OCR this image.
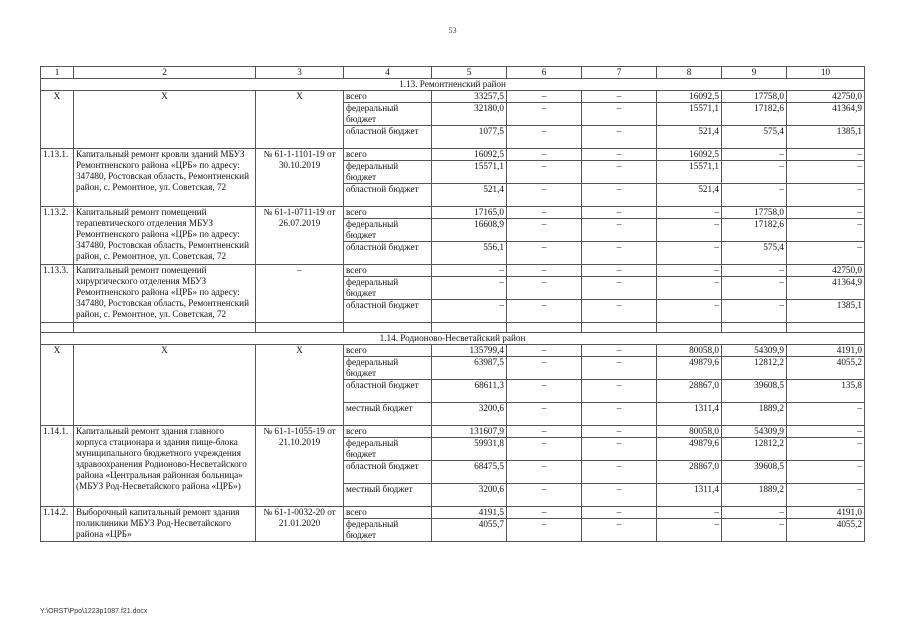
53
1	2	3	4	5	6	7	8	9	10
1.13. Ремонтненский район									
Х	Х	Х	всего	33257,5	–	–	16092,5	17758,0	42750,0
			федеральный бюджет	32180,0	–	–	15571,1	17182,6	41364,9
			областной бюджет	1077,5	–	–	521,4	575,4	1385,1
1.13.1.	Капитальный ремонт кровли зданий МБУЗ Ремонтненского района «ЦРБ» по адресу: 347480, Ростовская область, Ремонтненский район, с. Ремонтное, ул. Советская, 72	№ 61-1-1101-19 от 30.10.2019	всего	16092,5	–	–	16092,5	–	–
			федеральный бюджет	15571,1	–	–	15571,1	–	–
			областной бюджет	521,4	–	–	521,4	–	–
1.13.2.	Капитальный ремонт помещений терапевтического отделения МБУЗ Ремонтненского района «ЦРБ» по адресу: 347480, Ростовская область, Ремонтненский район, с. Ремонтное, ул. Советская, 72	№ 61-1-0711-19 от 26.07.2019	всего	17165,0	–	–	–	17758,0	–
			федеральный бюджет	16608,9	–	–	–	17182,6	–
			областной бюджет	556,1	–	–	–	575,4	–
1.13.3.	Капитальный ремонт помещений хирургического отделения МБУЗ Ремонтненского района «ЦРБ» по адресу: 347480, Ростовская область, Ремонтненский район, с. Ремонтное, ул. Советская, 72	–	всего	–	–	–	–	–	42750,0
			федеральный бюджет	–	–	–	–	–	41364,9
			областной бюджет	–	–	–	–	–	1385,1

1.14. Родионово-Несветайский район									
Х	Х	Х	всего	135799,4	–	–	80058,0	54309,9	4191,0
			федеральный бюджет	63987,5	–	–	49879,6	12812,2	4055,2
			областной бюджет	68611,3	–	–	28867,0	39608,5	135,8
			местный бюджет	3200,6	–	–	1311,4	1889,2	–
1.14.1.	Капитальный ремонт здания главного корпуса стационара и здания пище-блока муниципального бюджетного учреждения здравоохранения Родионово-Несветайского района «Центральная районная больница» (МБУЗ Род-Несветайского района «ЦРБ»)	№ 61-1-1055-19 от 21.10.2019	всего	131607,9	–	–	80058,0	54309,9	–
			федеральный бюджет	59931,8	–	–	49879,6	12812,2	–
			областной бюджет	68475,5	–	–	28867,0	39608,5	–
			местный бюджет	3200,6	–	–	1311,4	1889,2	–
1.14.2.	Выборочный капитальный ремонт здания поликлиники МБУЗ Род-Несветайского района «ЦРБ»	№ 61-1-0032-20 от 21.01.2020	всего	4191,5	–	–	–	–	4191,0
			федеральный бюджет	4055,7	–	–	–	–	4055,2
Y:\ORST\Ppo\1223p1087.f21.docx
